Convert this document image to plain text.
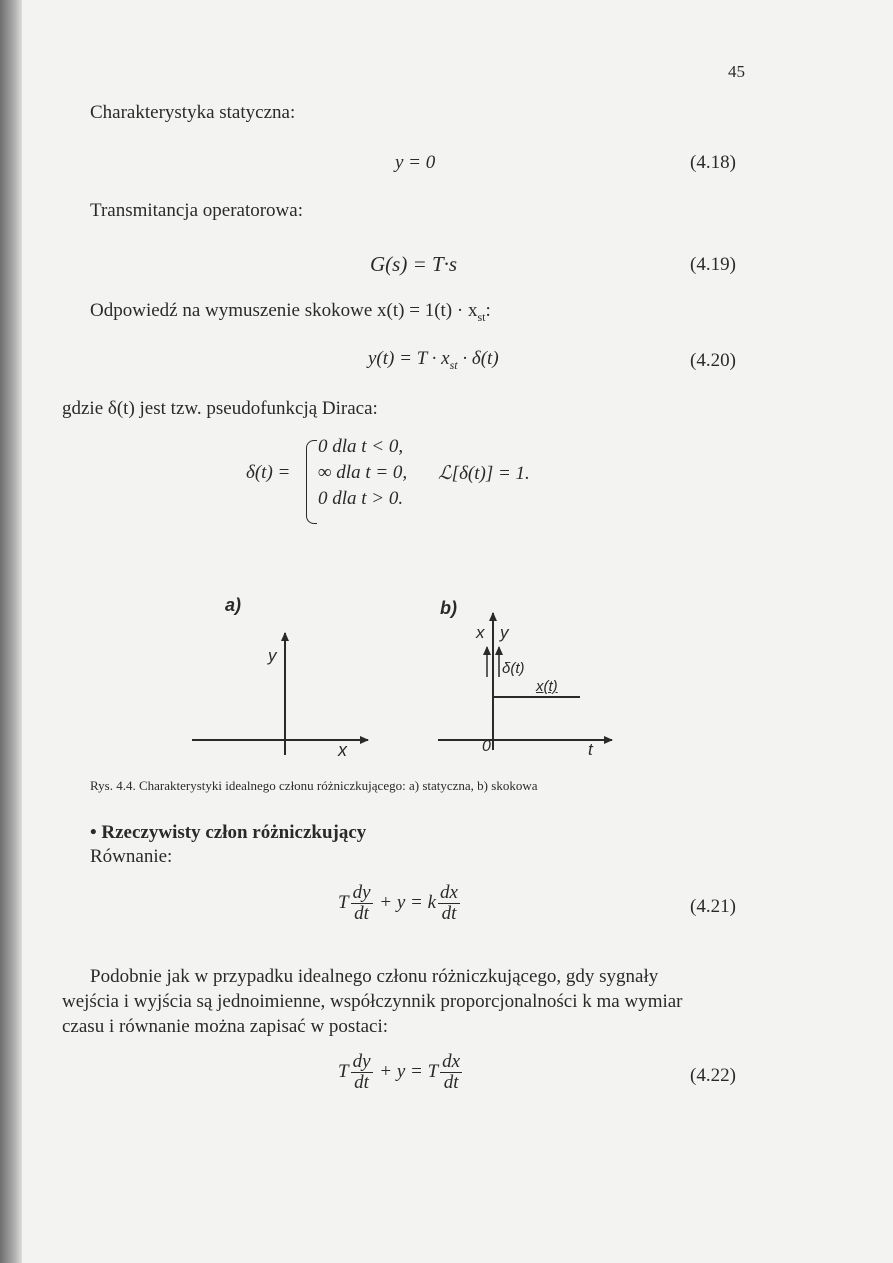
45
Charakterystyka statyczna:
y = 0	(4.18)
Transmitancja operatorowa:
G(s) = T·s	(4.19)
Odpowiedź na wymuszenie skokowe $x(t) = 1(t) \cdot x_{st}$:
$y(t) = T \cdot x_{st} \cdot \delta(t)$	(4.20)
gdzie δ(t) jest tzw. pseudofunkcją Diraca:
δ(t) =
0 dla t < 0,
∞ dla t = 0,
0 dla t > 0.
ℒ[δ(t)] = 1.
a)
y
x
b)
x y
δ(t)
x(t)
0	t
Rys. 4.4. Charakterystyki idealnego członu różniczkującego: a) statyczna, b) skokowa
• Rzeczywisty człon różniczkujący
Równanie:
T $\frac{dy}{dt} + y = k \frac{dx}{dt}$	(4.21)
Podobnie jak w przypadku idealnego członu różniczkującego, gdy sygnały
wejścia i wyjścia są jednoimienne, współczynnik proporcjonalności k ma wymiar
czasu i równanie można zapisać w postaci:
T $\frac{dy}{dt} + y = T \frac{dx}{dt}$	(4.22)
